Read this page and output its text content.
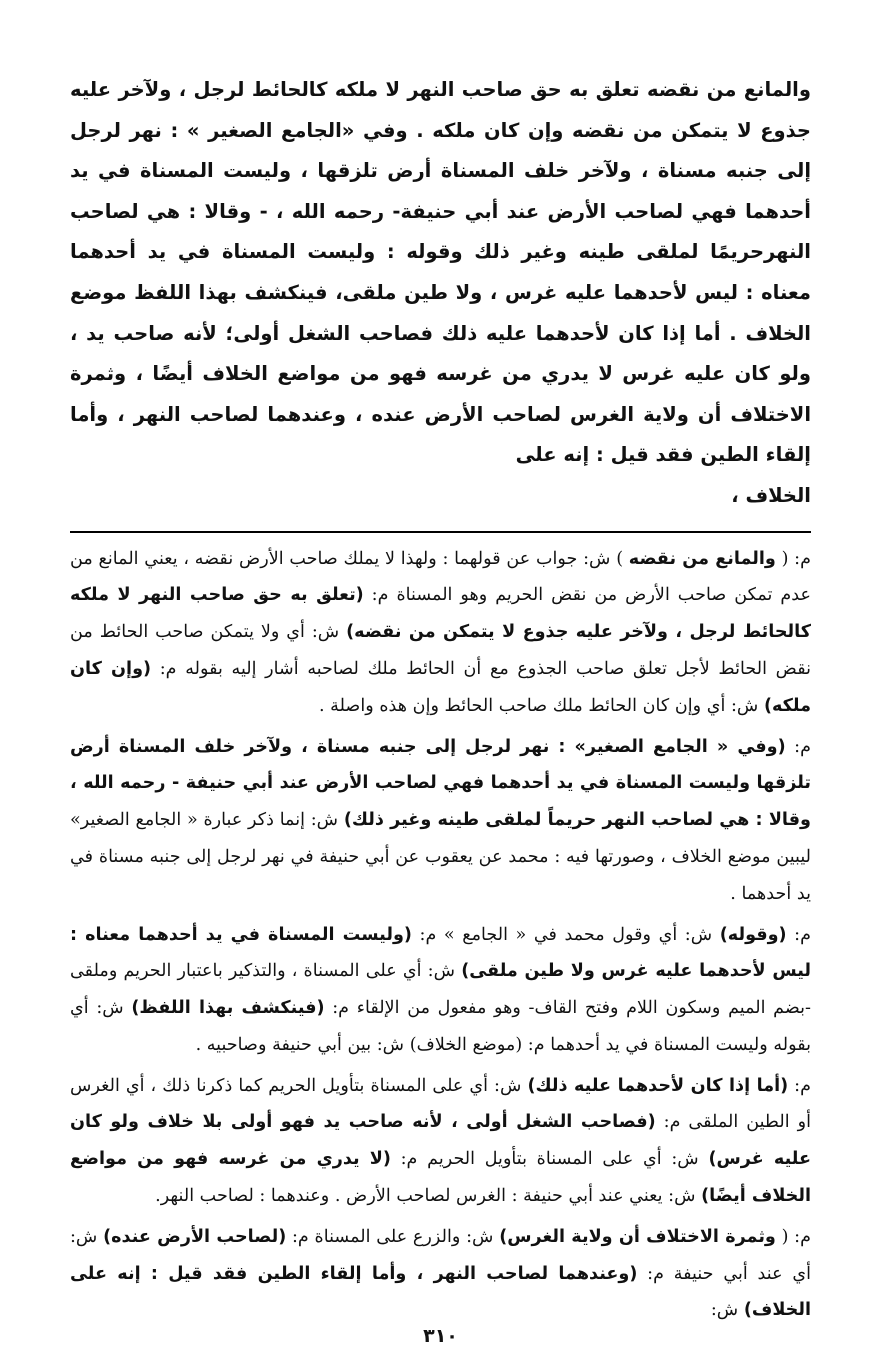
والمانع من نقضه تعلق به حق صاحب النهر لا ملكه كالحائط لرجل ، ولآخر عليه جذوع لا يتمكن من نقضه وإن كان ملكه . وفي «الجامع الصغير » : نهر لرجل إلى جنبه مسناة ، ولآخر خلف المسناة أرض تلزقها ، وليست المسناة في يد أحدهما فهي لصاحب الأرض عند أبي حنيفة- رحمه الله ، - وقالا : هي لصاحب النهرحريمًا لملقى طينه وغير ذلك وقوله : وليست المسناة في يد أحدهما معناه : ليس لأحدهما عليه غرس ، ولا طين ملقى، فينكشف بهذا اللفظ موضع الخلاف . أما إذا كان لأحدهما عليه ذلك فصاحب الشغل أولى؛ لأنه صاحب يد ، ولو كان عليه غرس لا يدري من غرسه فهو من مواضع الخلاف أيضًا ، وثمرة الاختلاف أن ولاية الغرس لصاحب الأرض عنده ، وعندهما لصاحب النهر ، وأما إلقاء الطين فقد قيل : إنه على
الخلاف ،

م: ( والمانع من نقضه ) ش: جواب عن قولهما : ولهذا لا يملك صاحب الأرض نقضه ، يعني المانع من عدم تمكن صاحب الأرض من نقض الحريم وهو المسناة م: (تعلق به حق صاحب النهر لا ملكه كالحائط لرجل ، ولآخر عليه جذوع لا يتمكن من نقضه) ش: أي ولا يتمكن صاحب الحائط من نقض الحائط لأجل تعلق صاحب الجذوع مع أن الحائط ملك لصاحبه أشار إليه بقوله م: (وإن كان ملكه) ش: أي وإن كان الحائط ملك صاحب الحائط وإن هذه واصلة .

م: (وفي « الجامع الصغير» : نهر لرجل إلى جنبه مسناة ، ولآخر خلف المسناة أرض تلزقها وليست المسناة في يد أحدهما فهي لصاحب الأرض عند أبي حنيفة - رحمه الله ، وقالا : هي لصاحب النهر حريماً لملقى طينه وغير ذلك) ش: إنما ذكر عبارة « الجامع الصغير» ليبين موضع الخلاف ، وصورتها فيه : محمد عن يعقوب عن أبي حنيفة في نهر لرجل إلى جنبه مسناة في يد أحدهما .

م: (وقوله) ش: أي وقول محمد في « الجامع » م: (وليست المسناة في يد أحدهما معناه : ليس لأحدهما عليه غرس ولا طين ملقى) ش: أي على المسناة ، والتذكير باعتبار الحريم وملقى -بضم الميم وسكون اللام وفتح القاف- وهو مفعول من الإلقاء م: (فينكشف بهذا اللفظ) ش: أي بقوله وليست المسناة في يد أحدهما م: (موضع الخلاف) ش: بين أبي حنيفة وصاحبيه .

م: (أما إذا كان لأحدهما عليه ذلك) ش: أي على المسناة بتأويل الحريم كما ذكرنا ذلك ، أي الغرس أو الطين الملقى م: (فصاحب الشغل أولى ، لأنه صاحب يد فهو أولى بلا خلاف ولو كان عليه غرس) ش: أي على المسناة بتأويل الحريم م: (لا يدري من غرسه فهو من مواضع الخلاف أيضًا) ش: يعني عند أبي حنيفة : الغرس لصاحب الأرض . وعندهما : لصاحب النهر.

م: ( وثمرة الاختلاف أن ولاية الغرس) ش: والزرع على المسناة م: (لصاحب الأرض عنده) ش: أي عند أبي حنيفة م: (وعندهما لصاحب النهر ، وأما إلقاء الطين فقد قيل : إنه على الخلاف) ش:

٣١٠
